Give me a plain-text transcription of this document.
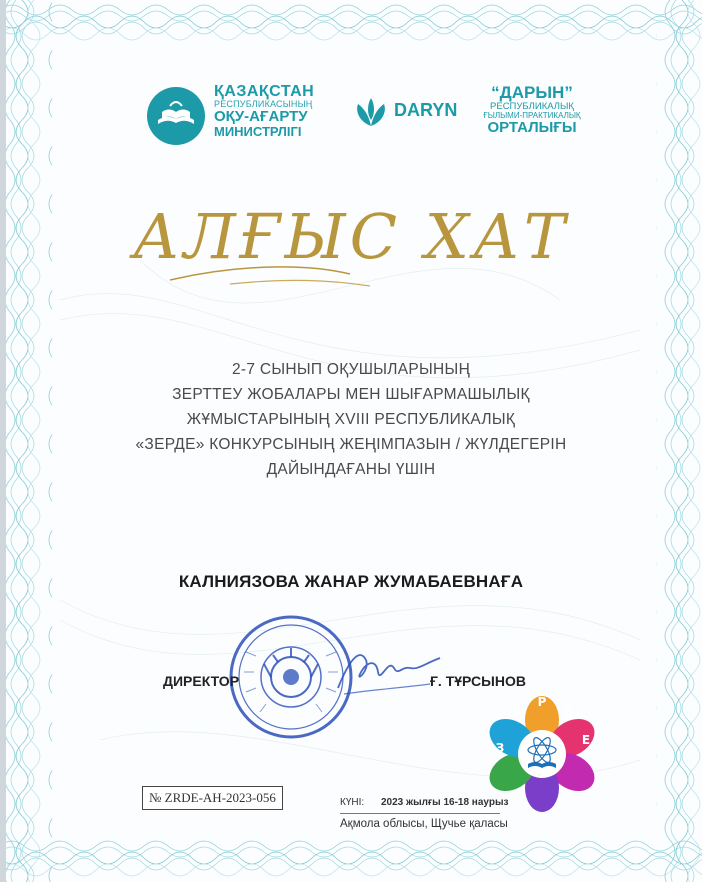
ҚАЗАҚСТАН
РЕСПУБЛИКАСЫНЫҢ
ОҚУ-АҒАРТУ
МИНИСТРЛІГІ
DARYN
“ДАРЫН”
РЕСПУБЛИКАЛЫҚ
ҒЫЛЫМИ-ПРАКТИКАЛЫҚ
ОРТАЛЫҒЫ
АЛҒЫС ХАТ
2-7 СЫНЫП ОҚУШЫЛАРЫНЫҢ
ЗЕРТТЕУ ЖОБАЛАРЫ МЕН ШЫҒАРМАШЫЛЫҚ
ЖҰМЫСТАРЫНЫҢ XVIII РЕСПУБЛИКАЛЫҚ
«ЗЕРДЕ» КОНКУРСЫНЫҢ ЖЕҢІМПАЗЫН / ЖҮЛДЕГЕРІН
ДАЙЫНДАҒАНЫ ҮШІН
КАЛНИЯЗОВА ЖАНАР ЖУМАБАЕВНАҒА
ДИРЕКТОР	Ғ. ТҰРСЫНОВ
З
Е
Р
Д
Е
№ ZRDE-AH-2023-056	КҮНІ: 2023 жылғы 16-18 наурыз
Ақмола облысы, Щучье қаласы
